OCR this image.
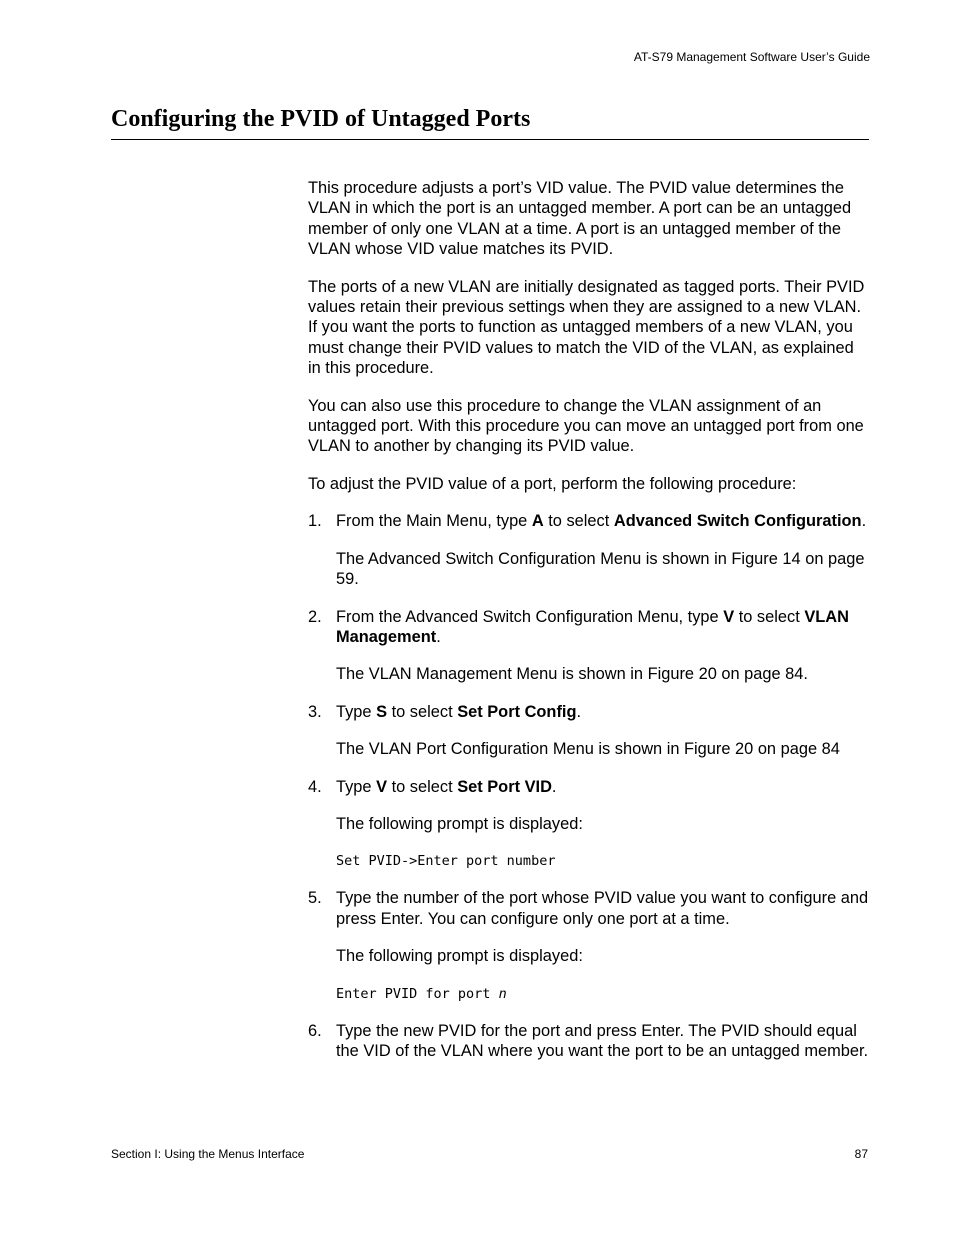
AT-S79 Management Software User’s Guide
Configuring the PVID of Untagged Ports

This procedure adjusts a port’s VID value. The PVID value determines the VLAN in which the port is an untagged member. A port can be an untagged member of only one VLAN at a time. A port is an untagged member of the VLAN whose VID value matches its PVID.

The ports of a new VLAN are initially designated as tagged ports. Their PVID values retain their previous settings when they are assigned to a new VLAN. If you want the ports to function as untagged members of a new VLAN, you must change their PVID values to match the VID of the VLAN, as explained in this procedure.

You can also use this procedure to change the VLAN assignment of an untagged port. With this procedure you can move an untagged port from one VLAN to another by changing its PVID value.

To adjust the PVID value of a port, perform the following procedure:

1. From the Main Menu, type A to select Advanced Switch Configuration.
The Advanced Switch Configuration Menu is shown in Figure 14 on page 59.
2. From the Advanced Switch Configuration Menu, type V to select VLAN Management.
The VLAN Management Menu is shown in Figure 20 on page 84.
3. Type S to select Set Port Config.
The VLAN Port Configuration Menu is shown in Figure 20 on page 84
4. Type V to select Set Port VID.
The following prompt is displayed:
Set PVID->Enter port number
5. Type the number of the port whose PVID value you want to configure and press Enter. You can configure only one port at a time.
The following prompt is displayed:
Enter PVID for port n
6. Type the new PVID for the port and press Enter. The PVID should equal the VID of the VLAN where you want the port to be an untagged member.
Section I: Using the Menus Interface	87
